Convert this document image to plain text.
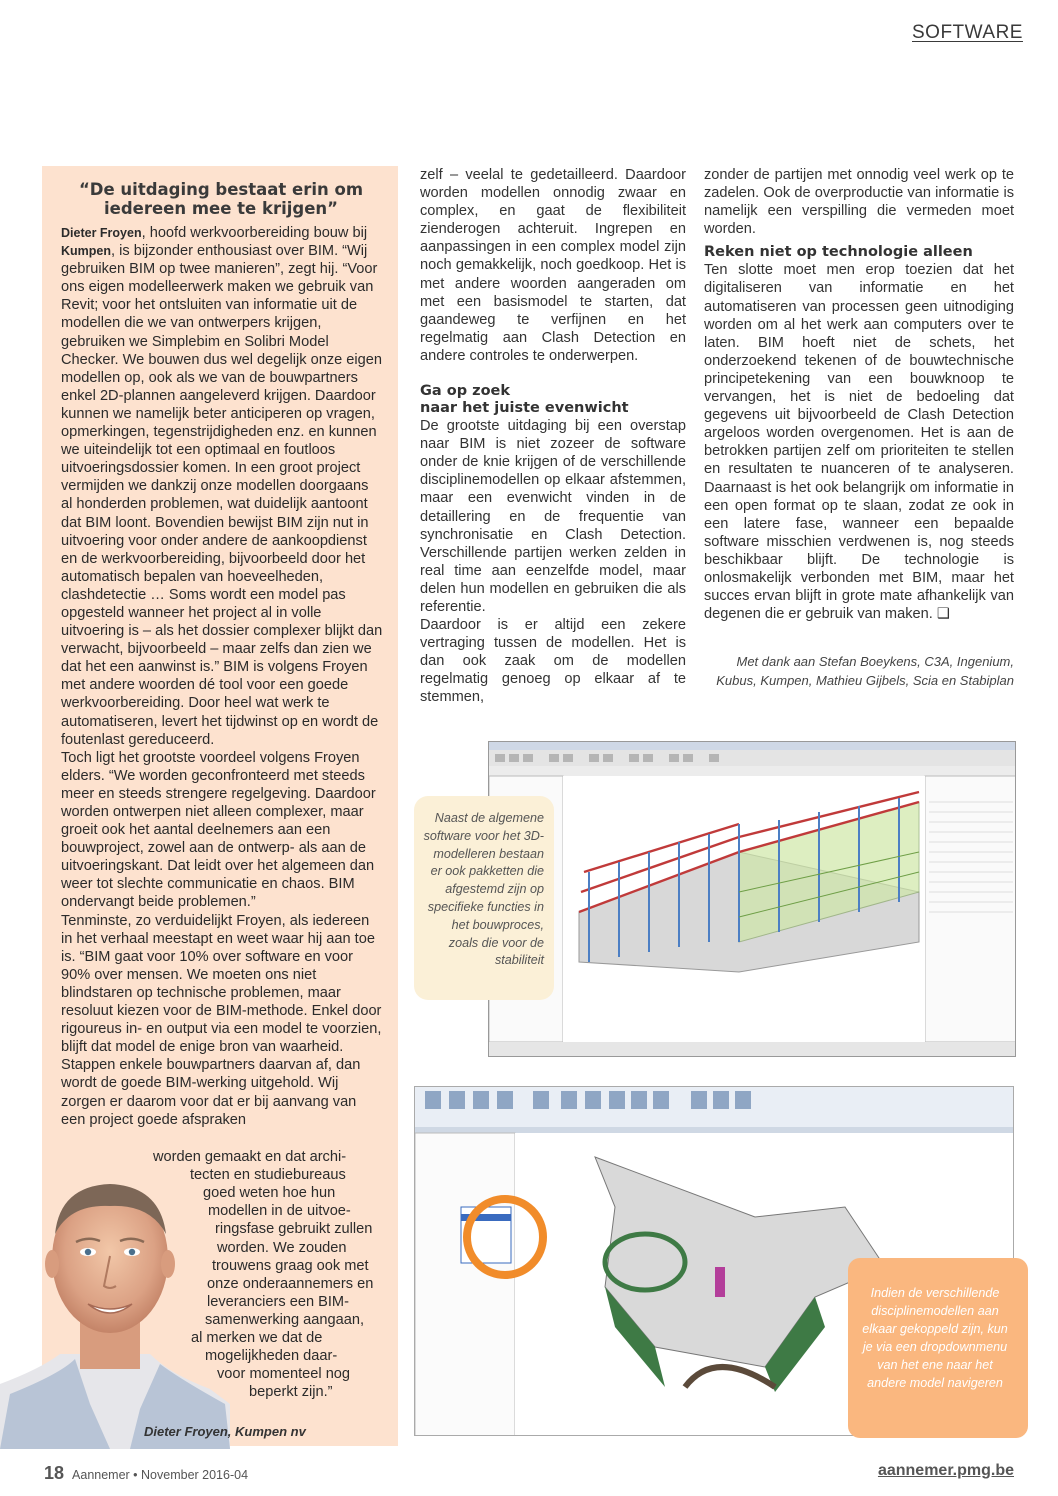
SOFTWARE
“De uitdaging bestaat erin om iedereen mee te krijgen”

Dieter Froyen, hoofd werkvoorbereiding bouw bij Kumpen, is bijzonder enthousiast over BIM. “Wij gebruiken BIM op twee manieren”, zegt hij. “Voor ons eigen modelleerwerk maken we gebruik van Revit; voor het ontsluiten van informatie uit de modellen die we van ontwerpers krijgen, gebruiken we Simplebim en Solibri Model Checker. We bouwen dus wel degelijk onze eigen modellen op, ook als we van de bouwpartners enkel 2D-plannen aangeleverd krijgen. Daardoor kunnen we namelijk beter anticiperen op vragen, opmerkingen, tegenstrijdigheden enz. en kunnen we uiteindelijk tot een optimaal en foutloos uitvoeringsdossier komen. In een groot project vermijden we dankzij onze modellen doorgaans al honderden problemen, wat duidelijk aantoont dat BIM loont. Bovendien bewijst BIM zijn nut in uitvoering voor onder andere de aankoopdienst en de werkvoorbereiding, bijvoorbeeld door het automatisch bepalen van hoeveelheden, clashdetectie … Soms wordt een model pas opgesteld wanneer het project al in volle uitvoering is – als het dossier complexer blijkt dan verwacht, bijvoorbeeld – maar zelfs dan zien we dat het een aanwinst is.” BIM is volgens Froyen met andere woorden dé tool voor een goede werkvoorbereiding. Door heel wat werk te automatiseren, levert het tijdwinst op en wordt de foutenlast gereduceerd.

Toch ligt het grootste voordeel volgens Froyen elders. “We worden geconfronteerd met steeds meer en steeds strengere regelgeving. Daardoor worden ontwerpen niet alleen complexer, maar groeit ook het aantal deelnemers aan een bouwproject, zowel aan de ontwerp- als aan de uitvoeringskant. Dat leidt over het algemeen dan weer tot slechte communicatie en chaos. BIM ondervangt beide problemen.”

Tenminste, zo verduidelijkt Froyen, als iedereen in het verhaal meestapt en weet waar hij aan toe is. “BIM gaat voor 10% over software en voor 90% over mensen. We moeten ons niet blindstaren op technische problemen, maar resoluut kiezen voor de BIM-methode. Enkel door rigoureus in- en output via een model te voorzien, blijft dat model de enige bron van waarheid. Stappen enkele bouwpartners daarvan af, dan wordt de goede BIM-werking uitgehold. Wij zorgen er daarom voor dat er bij aanvang van een project goede afspraken

worden gemaakt en dat archi-
tecten en studiebureaus
goed weten hoe hun
modellen in de uitvoe-
ringsfase gebruikt zullen
worden. We zouden
trouwens graag ook met
onze onderaannemers en
leveranciers een BIM-
samenwerking aangaan,
al merken we dat de
mogelijkheden daar-
voor momenteel nog
beperkt zijn.”
Dieter Froyen, Kumpen nv

zelf – veelal te gedetailleerd. Daardoor worden modellen onnodig zwaar en complex, en gaat de flexibiliteit zienderogen achteruit. Ingrepen en aanpassingen in een complex model zijn noch gemakkelijk, noch goedkoop. Het is met andere woorden aangeraden om met een basismodel te starten, dat gaandeweg te verfijnen en het regelmatig aan Clash Detection en andere controles te onderwerpen.

Ga op zoek
naar het juiste evenwicht

De grootste uitdaging bij een overstap naar BIM is niet zozeer de software onder de knie krijgen of de verschillende disciplinemodellen op elkaar afstemmen, maar een evenwicht vinden in de detaillering en de frequentie van synchronisatie en Clash Detection. Verschillende partijen werken zelden in real time aan eenzelfde model, maar delen hun modellen en gebruiken die als referentie.

Daardoor is er altijd een zekere vertraging tussen de modellen. Het is dan ook zaak om de modellen regelmatig genoeg op elkaar af te stemmen,

zonder de partijen met onnodig veel werk op te zadelen. Ook de overproductie van informatie is namelijk een verspilling die vermeden moet worden.

Reken niet op technologie alleen

Ten slotte moet men erop toezien dat het digitaliseren van informatie en het automatiseren van processen geen uitnodiging worden om al het werk aan computers over te laten. BIM hoeft niet de schets, het onderzoekend tekenen of de bouwtechnische principetekening van een bouwknoop te vervangen, het is niet de bedoeling dat gegevens uit bijvoorbeeld de Clash Detection argeloos worden overgenomen. Het is aan de betrokken partijen zelf om prioriteiten te stellen en resultaten te nuanceren of te analyseren. Daarnaast is het ook belangrijk om informatie in een open format op te slaan, zodat ze ook in een latere fase, wanneer een bepaalde software misschien verdwenen is, nog steeds beschikbaar blijft. De technologie is onlosmakelijk verbonden met BIM, maar het succes ervan blijft in grote mate afhankelijk van degenen die er gebruik van maken. ❑

Met dank aan Stefan Boeykens, C3A, Ingenium,
Kubus, Kumpen, Mathieu Gijbels, Scia en Stabiplan
Naast de algemene software voor het 3D-modelleren bestaan er ook pakketten die afgestemd zijn op specifieke functies in het bouwproces, zoals die voor de stabiliteit
Indien de verschillende disciplinemodellen aan elkaar gekoppeld zijn, kun je via een dropdownmenu van het ene naar het andere model navigeren
18 Aannemer • November 2016-04	aannemer.pmg.be
